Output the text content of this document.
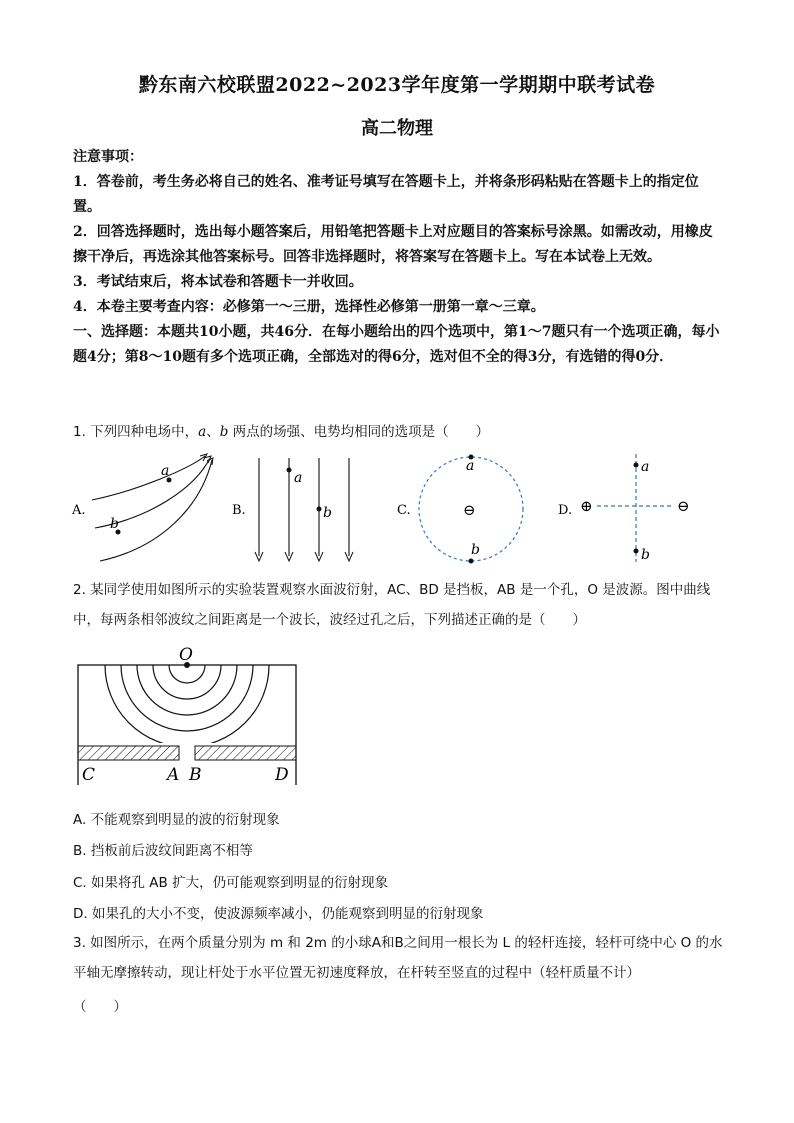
黔东南六校联盟2022~2023学年度第一学期期中联考试卷
高二物理

注意事项：

1．答卷前，考生务必将自己的姓名、准考证号填写在答题卡上，并将条形码粘贴在答题卡上的指定位置。

2．回答选择题时，选出每小题答案后，用铅笔把答题卡上对应题目的答案标号涂黑。如需改动，用橡皮擦干净后，再选涂其他答案标号。回答非选择题时，将答案写在答题卡上。写在本试卷上无效。

3．考试结束后，将本试卷和答题卡一并收回。

4．本卷主要考查内容：必修第一～三册，选择性必修第一册第一章～三章。

一、选择题：本题共10小题，共46分．在每小题给出的四个选项中，第1～7题只有一个选项正确，每小题4分；第8～10题有多个选项正确，全部选对的得6分，选对但不全的得3分，有选错的得0分．

1. 下列四种电场中，a、b 两点的场强、电势均相同的选项是（　　）
A.
a
b
B.
a
b	C.	⊖
a
b
D. ⊕	⊖
a
b
2. 某同学使用如图所示的实验装置观察水面波衍射，AC、BD 是挡板，AB 是一个孔，O 是波源。图中曲线中，每两条相邻波纹之间距离是一个波长，波经过孔之后，下列描述正确的是（　　）
O
C	A B	D
A. 不能观察到明显的波的衍射现象
B. 挡板前后波纹间距离不相等
C. 如果将孔 AB 扩大，仍可能观察到明显的衍射现象
D. 如果孔的大小不变，使波源频率减小，仍能观察到明显的衍射现象
3. 如图所示，在两个质量分别为 m 和 2m 的小球A和B之间用一根长为 L 的轻杆连接，轻杆可绕中心 O 的水平轴无摩擦转动，现让杆处于水平位置无初速度释放，在杆转至竖直的过程中（轻杆质量不计）
（　　）
